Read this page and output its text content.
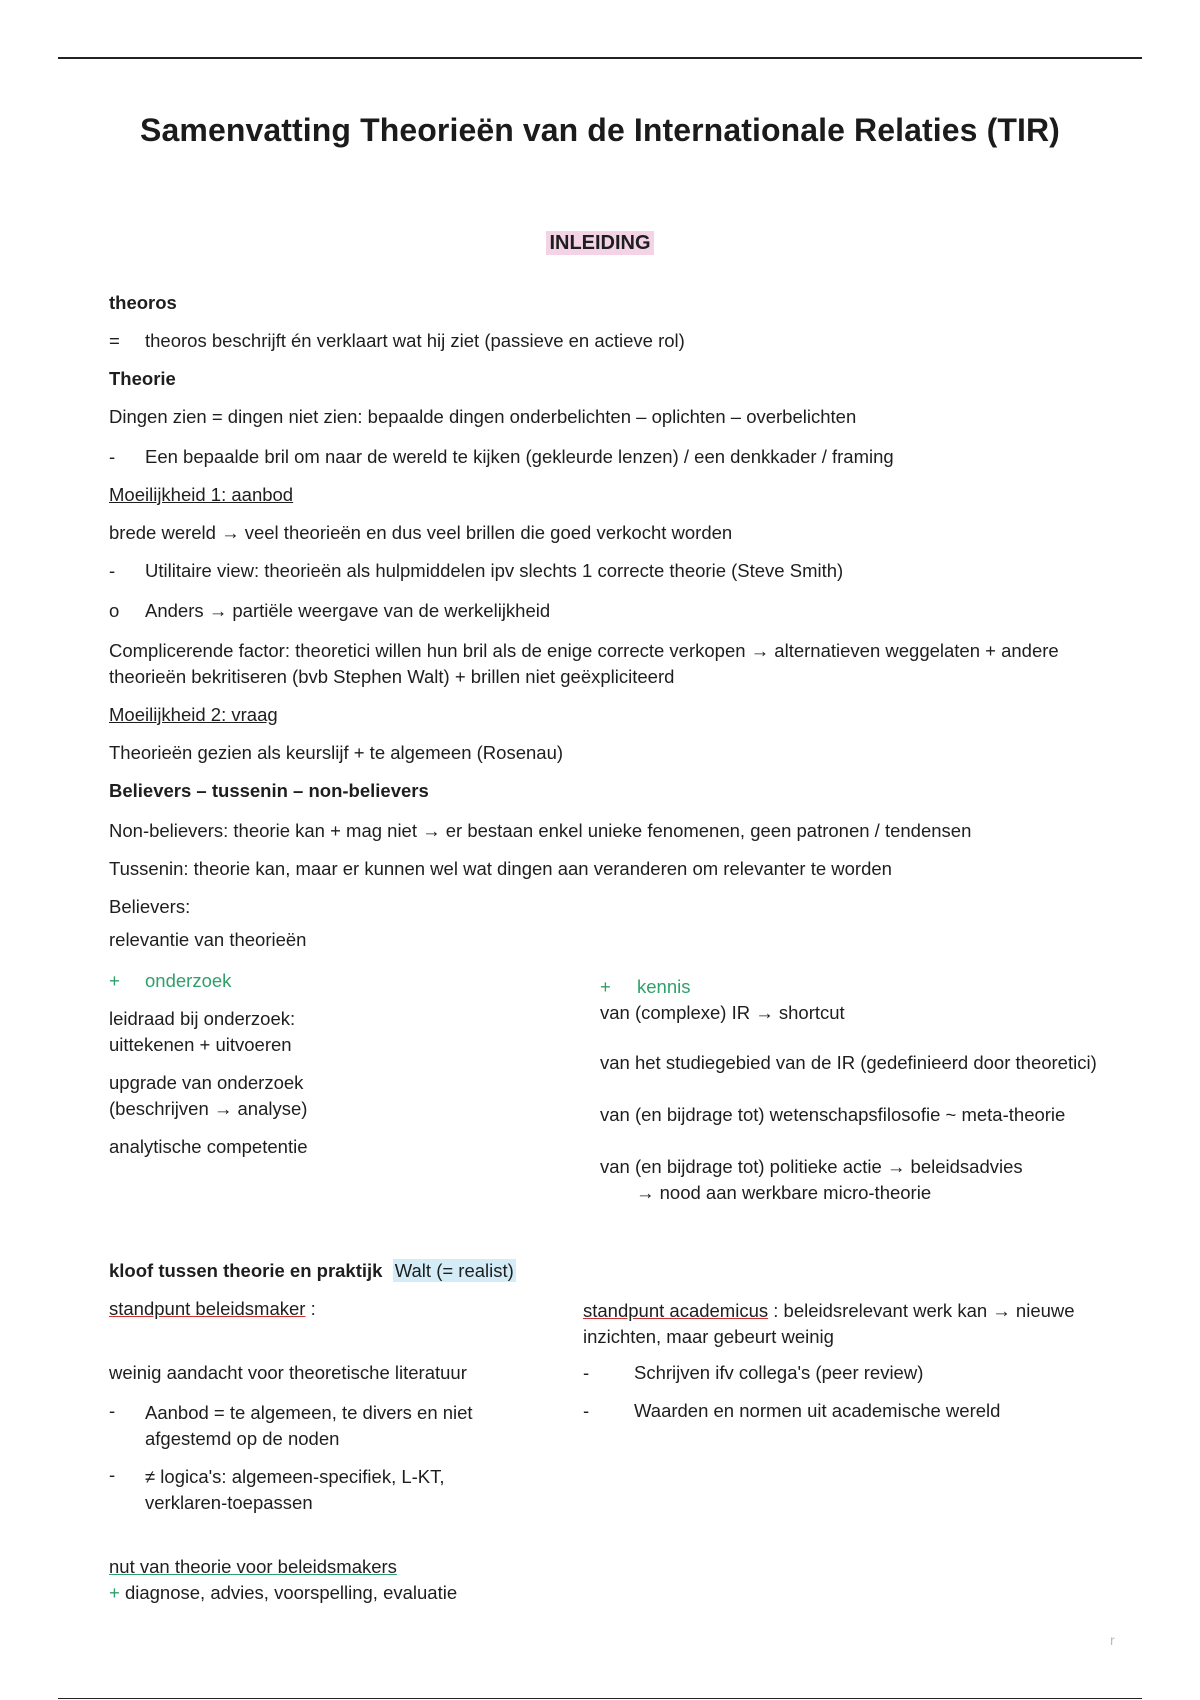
Samenvatting Theorieën van de Internationale Relaties (TIR)
INLEIDING
theoros
= theoros beschrijft én verklaart wat hij ziet (passieve en actieve rol)
Theorie
Dingen zien = dingen niet zien: bepaalde dingen onderbelichten – oplichten – overbelichten
- Een bepaalde bril om naar de wereld te kijken (gekleurde lenzen) / een denkkader / framing
Moeilijkheid 1: aanbod
brede wereld → veel theorieën en dus veel brillen die goed verkocht worden
- Utilitaire view: theorieën als hulpmiddelen ipv slechts 1 correcte theorie (Steve Smith)
o Anders → partiële weergave van de werkelijkheid
Complicerende factor: theoretici willen hun bril als de enige correcte verkopen → alternatieven weggelaten + andere theorieën bekritiseren (bvb Stephen Walt) + brillen niet geëxpliciteerd
Moeilijkheid 2: vraag
Theorieën gezien als keurslijf + te algemeen (Rosenau)
Believers – tussenin – non-believers
Non-believers: theorie kan + mag niet → er bestaan enkel unieke fenomenen, geen patronen / tendensen
Tussenin: theorie kan, maar er kunnen wel wat dingen aan veranderen om relevanter te worden
Believers:
relevantie van theorieën
+ onderzoek
leidraad bij onderzoek:
uittekenen + uitvoeren
upgrade van onderzoek
(beschrijven → analyse)
analytische competentie
+ kennis
van (complexe) IR → shortcut
van het studiegebied van de IR (gedefinieerd door theoretici)
van (en bijdrage tot) wetenschapsfilosofie ~ meta-theorie
van (en bijdrage tot) politieke actie → beleidsadvies
→ nood aan werkbare micro-theorie
kloof tussen theorie en praktijk Walt (= realist)
standpunt beleidsmaker :
weinig aandacht voor theoretische literatuur
- Aanbod = te algemeen, te divers en niet afgestemd op de noden
- ≠ logica's: algemeen-specifiek, L-KT, verklaren-toepassen
standpunt academicus : beleidsrelevant werk kan → nieuwe inzichten, maar gebeurt weinig
- Schrijven ifv collega's (peer review)
- Waarden en normen uit academische wereld
nut van theorie voor beleidsmakers
+ diagnose, advies, voorspelling, evaluatie
r
